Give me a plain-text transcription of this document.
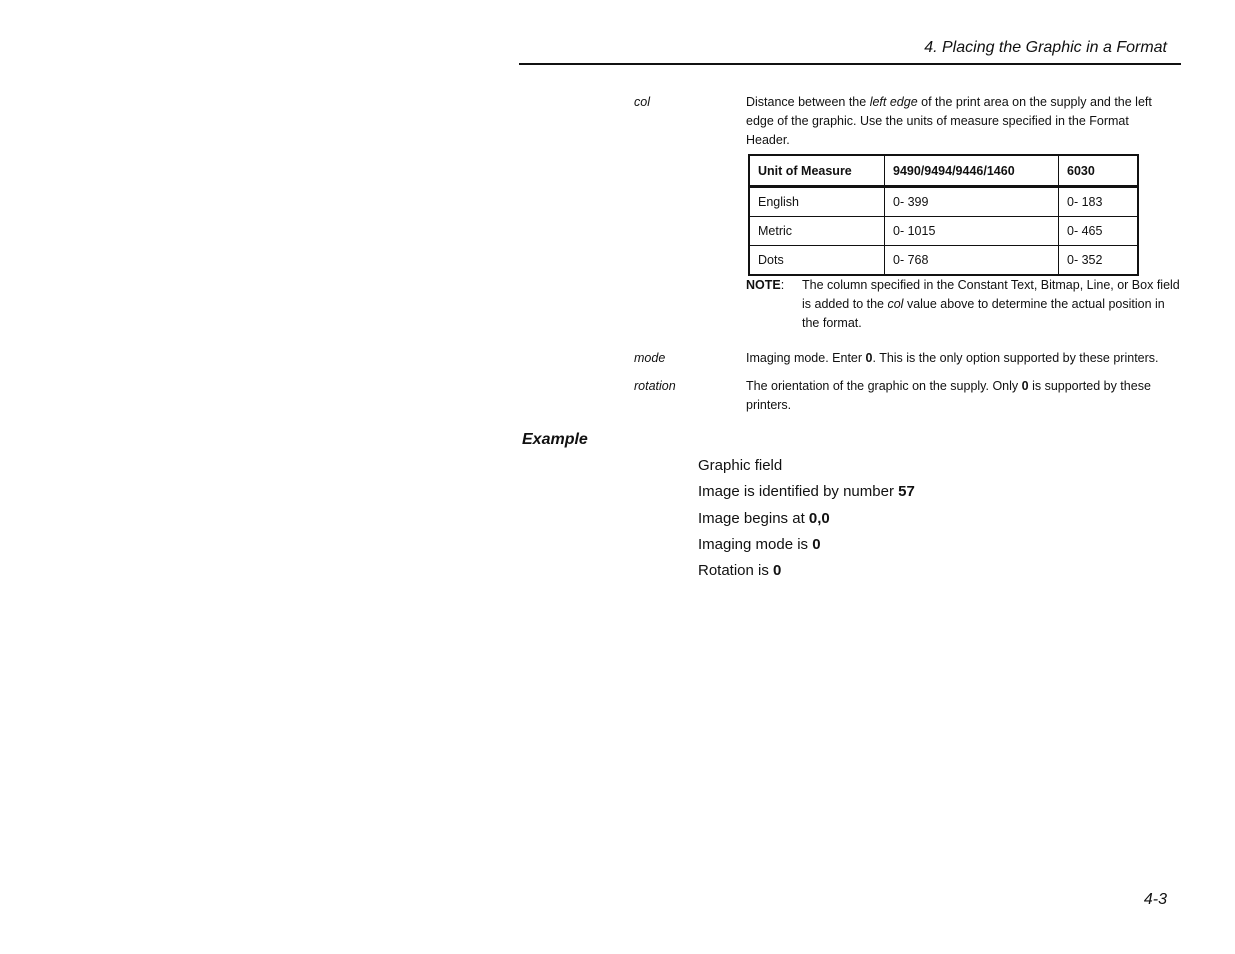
4. Placing the Graphic in a Format
col	Distance between the left edge of the print area on the supply and the left edge of the graphic. Use the units of measure specified in the Format Header.
Unit of Measure	9490/9494/9446/1460	6030
English	0- 399	0- 183
Metric	0- 1015	0- 465
Dots	0- 768	0- 352
NOTE: The column specified in the Constant Text, Bitmap, Line, or Box field is added to the col value above to determine the actual position in the format.
mode	Imaging mode. Enter 0. This is the only option supported by these printers.
rotation	The orientation of the graphic on the supply. Only 0 is supported by these printers.
Example
Graphic field
Image is identified by number 57
Image begins at 0,0
Imaging mode is 0
Rotation is 0
4-3
